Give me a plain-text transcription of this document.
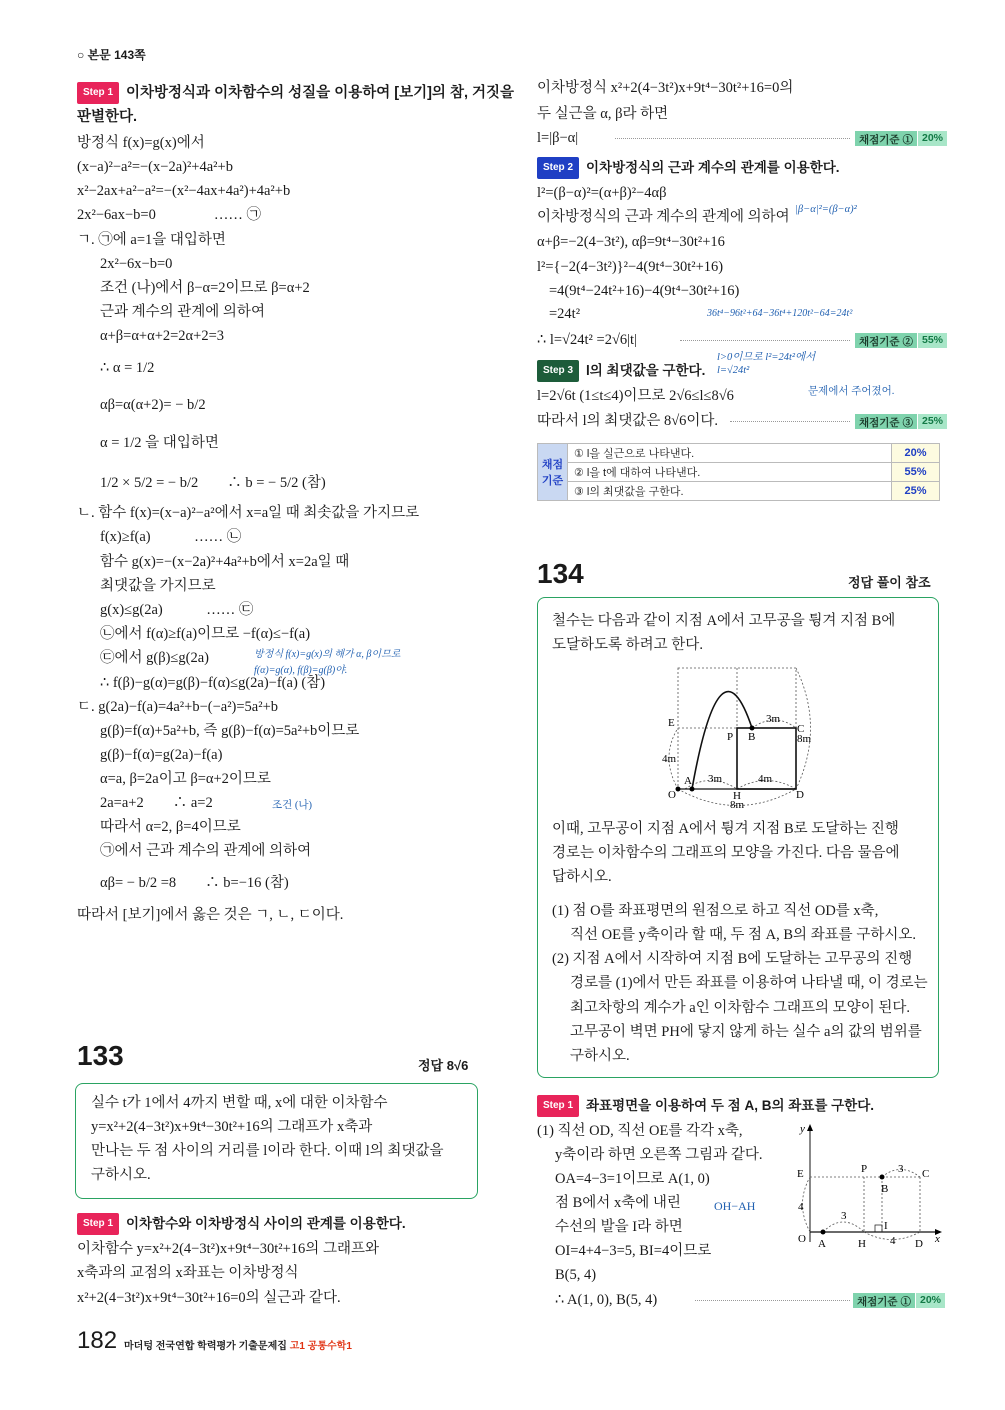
○ 본문 143쪽
Step 1 이차방정식과 이차함수의 성질을 이용하여 [보기]의 참, 거짓을
판별한다.
방정식 f(x)=g(x)에서
(x−a)²−a²=−(x−2a)²+4a²+b
x²−2ax+a²−a²=−(x²−4ax+4a²)+4a²+b
2x²−6ax−b=0　　　　…… ㉠
ㄱ. ㉠에 a=1을 대입하면
2x²−6x−b=0
조건 (나)에서 β−α=2이므로 β=α+2
근과 계수의 관계에 의하여
α+β=α+α+2=2α+2=3
∴ α = 1/2
αβ=α(α+2)= − b/2
α = 1/2 을 대입하면
1/2 × 5/2 = − b/2　　∴ b = − 5/2 (참)
ㄴ. 함수 f(x)=(x−a)²−a²에서 x=a일 때 최솟값을 가지므로
f(x)≥f(a)　　　…… ㉡
함수 g(x)=−(x−2a)²+4a²+b에서 x=2a일 때
최댓값을 가지므로
g(x)≤g(2a)　　　…… ㉢
㉡에서 f(α)≥f(a)이므로 −f(α)≤−f(a)
㉢에서 g(β)≤g(2a)	방정식 f(x)=g(x)의 해가 α, β이므로
f(α)=g(α), f(β)=g(β)야.
∴ f(β)−g(α)=g(β)−f(α)≤g(2a)−f(a) (참)
ㄷ. g(2a)−f(a)=4a²+b−(−a²)=5a²+b
g(β)=f(α)+5a²+b, 즉 g(β)−f(α)=5a²+b이므로
g(β)−f(α)=g(2a)−f(a)
α=a, β=2a이고 β=α+2이므로
2a=a+2　　∴ a=2	조건 (나)
따라서 α=2, β=4이므로
㉠에서 근과 계수의 관계에 의하여
αβ= − b/2 =8　　∴ b=−16 (참)
따라서 [보기]에서 옳은 것은 ㄱ, ㄴ, ㄷ이다.
133	정답 8√6
실수 t가 1에서 4까지 변할 때, x에 대한 이차함수
y=x²+2(4−3t²)x+9t⁴−30t²+16의 그래프가 x축과
만나는 두 점 사이의 거리를 l이라 한다. 이때 l의 최댓값을
구하시오.
Step 1 이차함수와 이차방정식 사이의 관계를 이용한다.
이차함수 y=x²+2(4−3t²)x+9t⁴−30t²+16의 그래프와
x축과의 교점의 x좌표는 이차방정식
x²+2(4−3t²)x+9t⁴−30t²+16=0의 실근과 같다.
이차방정식 x²+2(4−3t²)x+9t⁴−30t²+16=0의
두 실근을 α, β라 하면
l=|β−α|	채점기준 ① 20%
Step 2 이차방정식의 근과 계수의 관계를 이용한다.
l²=(β−α)²=(α+β)²−4αβ
이차방정식의 근과 계수의 관계에 의하여 |β−α|²=(β−α)²
α+β=−2(4−3t²), αβ=9t⁴−30t²+16
l²={−2(4−3t²)}²−4(9t⁴−30t²+16)
=4(9t⁴−24t²+16)−4(9t⁴−30t²+16)
=24t²	36t⁴−96t²+64−36t⁴+120t²−64=24t²
∴ l=√24t² =2√6|t|	채점기준 ② 55%
l>0이므로 l²=24t²에서
l=√24t²
Step 3 l의 최댓값을 구한다.
l=2√6t (1≤t≤4)이므로 2√6≤l≤8√6	문제에서 주어졌어.
따라서 l의 최댓값은 8√6이다.	채점기준 ③ 25%
채점 기준	① l을 실근으로 나타낸다.	20%
	② l을 t에 대하여 나타낸다.	55%
	③ l의 최댓값을 구한다.	25%
134	정답 풀이 참조
철수는 다음과 같이 지점 A에서 고무공을 튕겨 지점 B에
도달하도록 하려고 한다.
E
P B
C
3m
8m
4m
A 3m	4m
O	H	D
8m
이때, 고무공이 지점 A에서 튕겨 지점 B로 도달하는 진행
경로는 이차함수의 그래프의 모양을 가진다. 다음 물음에
답하시오.
(1) 점 O를 좌표평면의 원점으로 하고 직선 OD를 x축,
직선 OE를 y축이라 할 때, 두 점 A, B의 좌표를 구하시오.
(2) 지점 A에서 시작하여 지점 B에 도달하는 고무공의 진행
경로를 (1)에서 만든 좌표를 이용하여 나타낼 때, 이 경로는
최고차항의 계수가 a인 이차함수 그래프의 모양이 된다.
고무공이 벽면 PH에 닿지 않게 하는 실수 a의 값의 범위를
구하시오.
Step 1 좌표평면을 이용하여 두 점 A, B의 좌표를 구한다.
(1) 직선 OD, 직선 OE를 각각 x축,
y축이라 하면 오른쪽 그림과 같다.
OA=4−3=1이므로 A(1, 0)
점 B에서 x축에 내린	OH−AH
수선의 발을 I라 하면
OI=4+4−3=5, BI=4이므로
B(5, 4)
∴ A(1, 0), B(5, 4)	채점기준 ① 20%
y
x
E	P	C
B
I
O A	H	D
4
3
3
4
182 마더텅 전국연합 학력평가 기출문제집 고1 공통수학1
